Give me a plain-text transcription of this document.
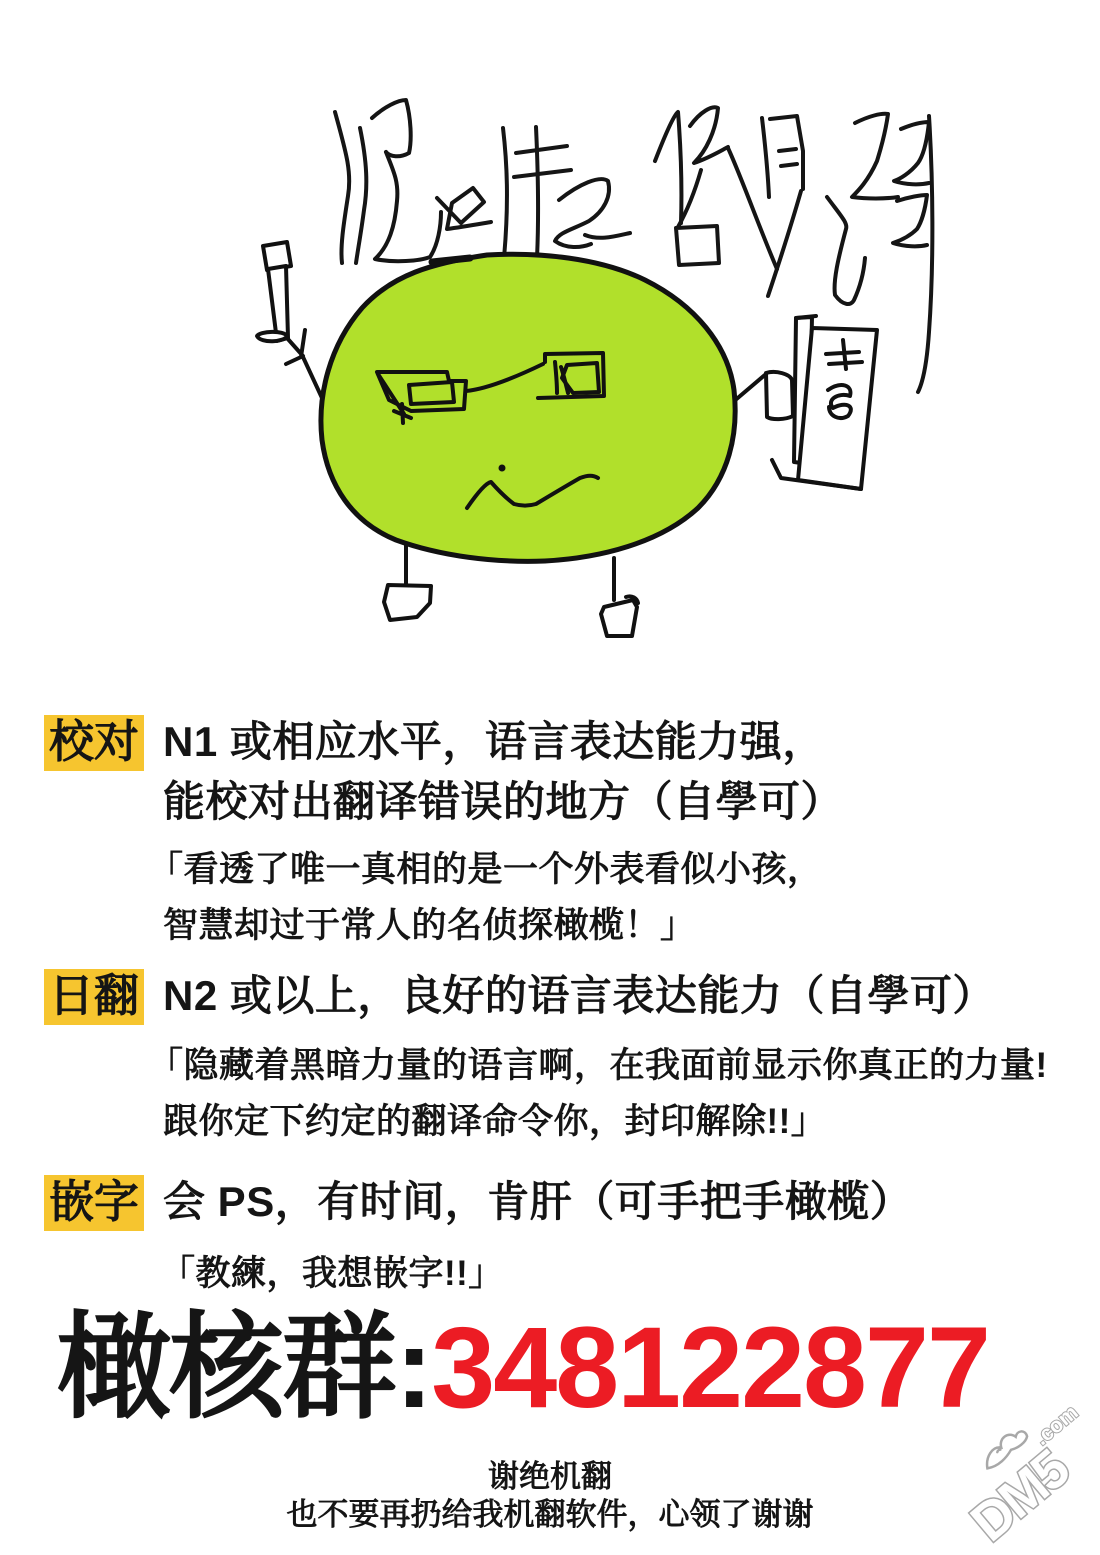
校对 N1 或相应水平，语言表达能力强，
能校对出翻译错误的地方（自學可）
「看透了唯一真相的是一个外表看似小孩，
智慧却过于常人的名侦探橄榄！」
日翻 N2 或以上，良好的语言表达能力（自學可）
「隐藏着黑暗力量的语言啊，在我面前显示你真正的力量!
跟你定下约定的翻译命令你，封印解除!!」
嵌字 会 PS，有时间，肯肝（可手把手橄榄）
「教練，我想嵌字!!」
橄核群:348122877
谢绝机翻
也不要再扔给我机翻软件，心领了谢谢	DM5
.com
